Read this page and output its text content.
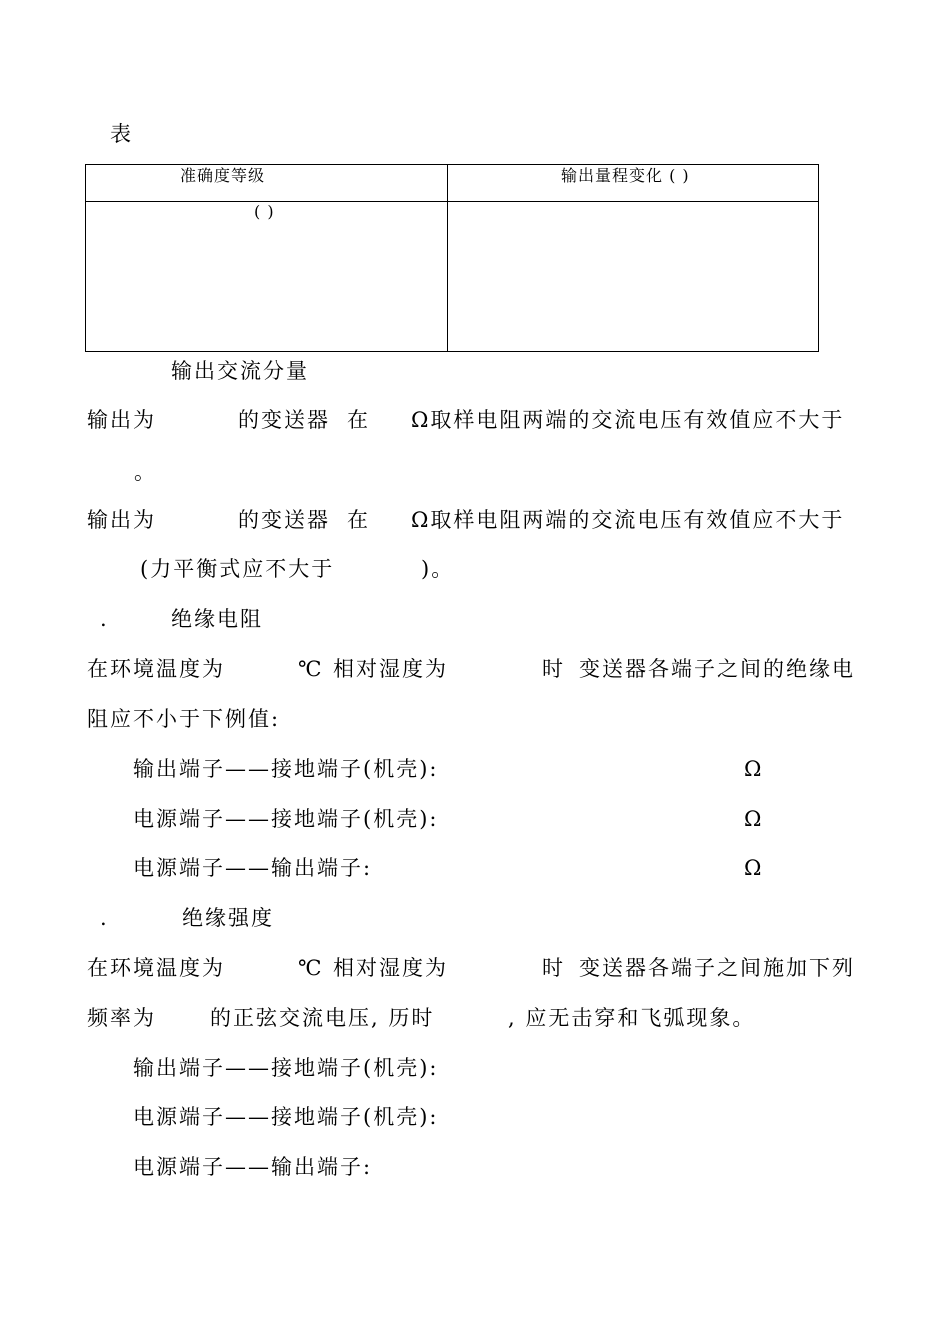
表
准确度等级	输出量程变化 ( )
( )
输出交流分量
输出为	的变送器 在 Ω取样电阻两端的交流电压有效值应不大于
。
输出为	的变送器 在 Ω取样电阻两端的交流电压有效值应不大于
(力平衡式应不大于	)。
.	绝缘电阻
在环境温度为	℃ 相对湿度为	时 变送器各端子之间的绝缘电
阻应不小于下例值:
输出端子——接地端子(机壳):	Ω
电源端子——接地端子(机壳):	Ω
电源端子——输出端子:	Ω
.	绝缘强度
在环境温度为	℃ 相对湿度为	时 变送器各端子之间施加下列
频率为	的正弦交流电压, 历时	, 应无击穿和飞弧现象。
输出端子——接地端子(机壳):
电源端子——接地端子(机壳):
电源端子——输出端子:
